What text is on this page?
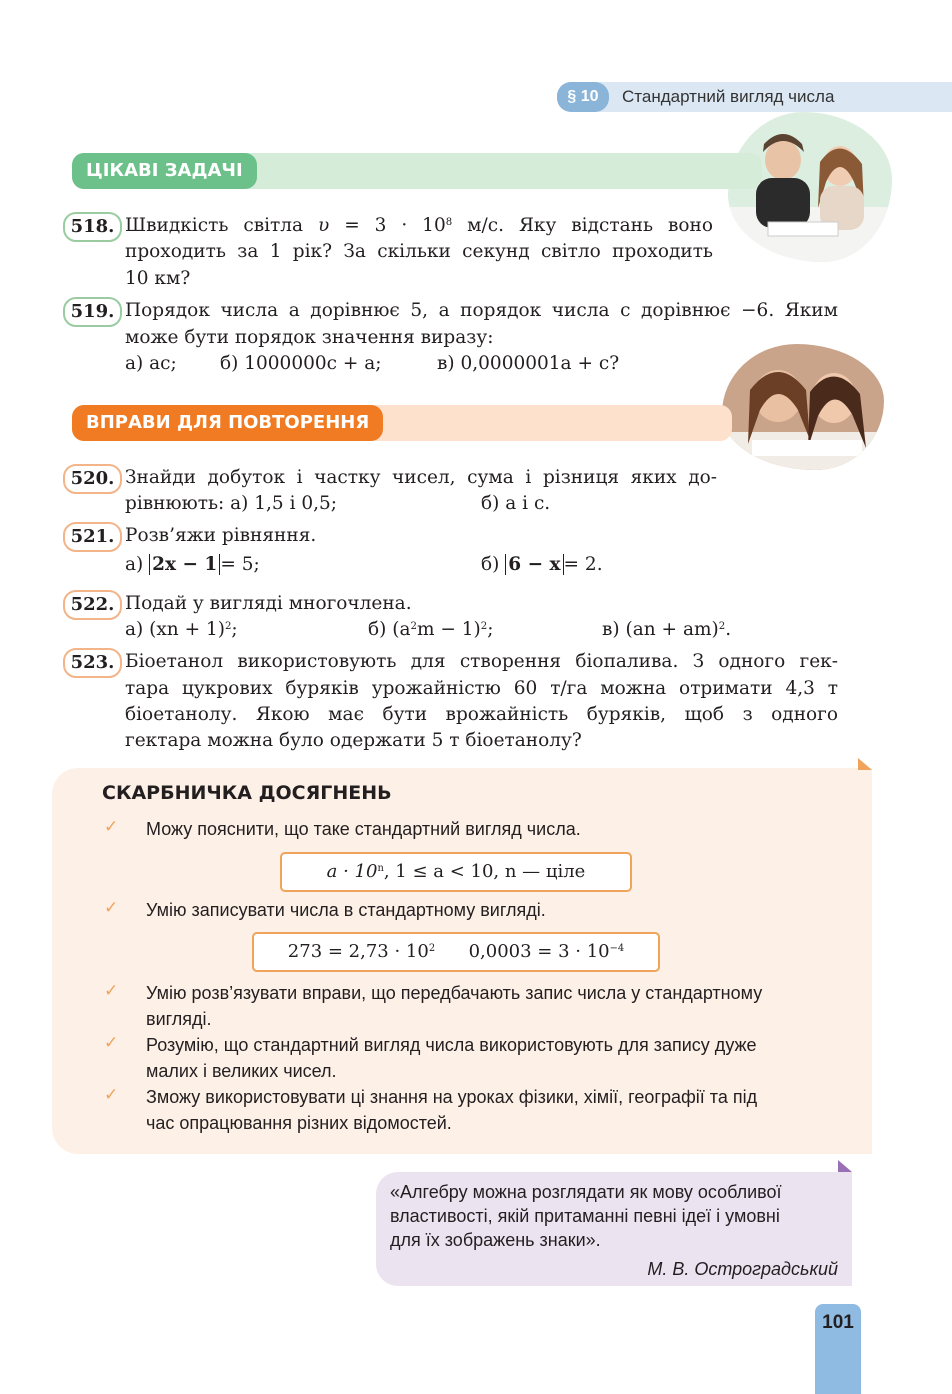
§ 10	Стандартний вигляд числа
ЦІКАВІ ЗАДАЧІ
518. Швидкість світла $\upsilon = 3 \cdot 10^8$ м/с. Яку відстань воно
проходить за 1 рік? За скільки секунд світло проходить
10 км?
519. Порядок числа a дорівнює 5, а порядок числа c дорівнює −6. Яким
може бути порядок значення виразу:
а) ac; б) 1000000c + a;	в) 0,0000001a + c?
ВПРАВИ ДЛЯ ПОВТОРЕННЯ
520. Знайди добуток і частку чисел, сума і різниця яких до-
рівнюють: а) 1,5 і 0,5;	б) a і c.
521. Розв’яжи рівняння.
а) 2x − 1 = 5;	б) 6 − x = 2.
522. Подай у вигляді многочлена.
а) (xn + 1)$^2$;	б) $(a^2m - 1)^2$;	в) (an + am)$^2$.
523. Біоетанол використовують для створення біопалива. З одного гек-
тара цукрових буряків урожайністю 60 т/га можна отримати 4,3 т
біоетанолу. Якою має бути врожайність буряків, щоб з одного
гектара можна було одержати 5 т біоетанолу?
СКАРБНИЧКА ДОСЯГНЕНЬ
✓ Можу пояснити, що таке стандартний вигляд числа.
$a \cdot 10^n$, 1 ≤ a < 10, n — ціле
✓ Умію записувати числа в стандартному вигляді.
$273 = 2,73 \cdot 10^2$ $0,0003 = 3 \cdot 10^{-4}$
✓ Умію розв’язувати вправи, що передбачають запис числа у стандартному
вигляді.
✓ Розумію, що стандартний вигляд числа використовують для запису дуже
малих і великих чисел.
✓ Зможу використовувати ці знання на уроках фізики, хімії, географії та під
час опрацювання різних відомостей.
«Алгебру можна розглядати як мову особливої
властивості, якій притаманні певні ідеї і умовні
для їх зображень знаки».
М. В. Остроградський
101
